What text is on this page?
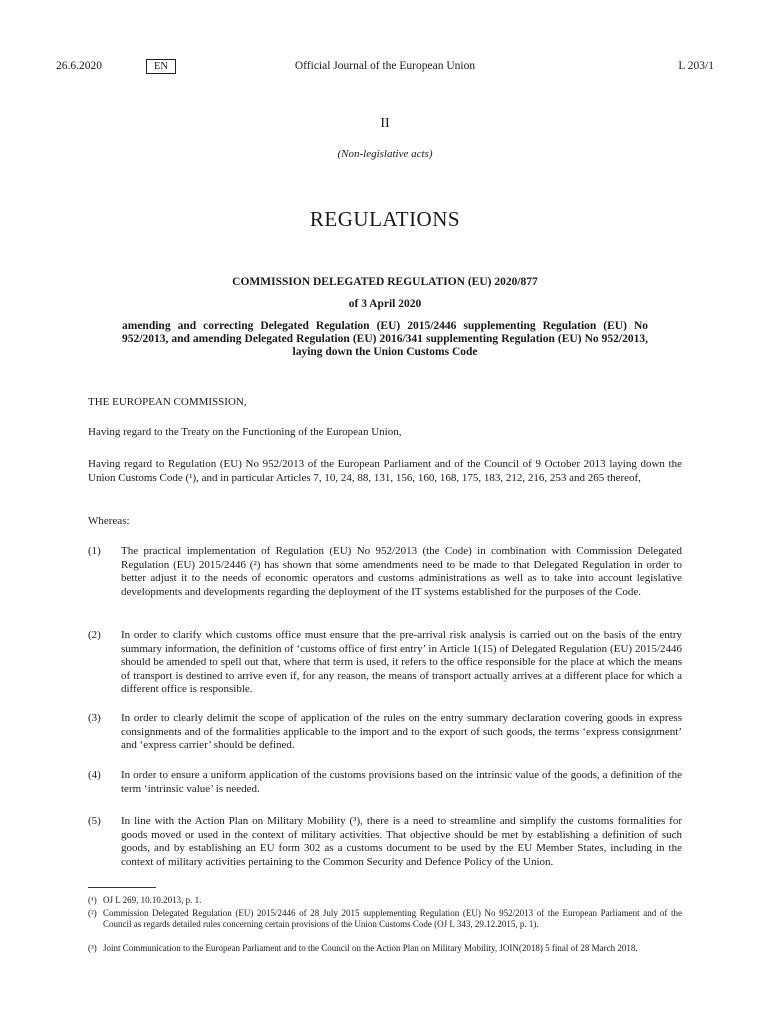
26.6.2020	EN	Official Journal of the European Union	L 203/1
II
(Non-legislative acts)
REGULATIONS
COMMISSION DELEGATED REGULATION (EU) 2020/877
of 3 April 2020
amending and correcting Delegated Regulation (EU) 2015/2446 supplementing Regulation (EU) No 952/2013, and amending Delegated Regulation (EU) 2016/341 supplementing Regulation (EU) No 952/2013, laying down the Union Customs Code
THE EUROPEAN COMMISSION,
Having regard to the Treaty on the Functioning of the European Union,
Having regard to Regulation (EU) No 952/2013 of the European Parliament and of the Council of 9 October 2013 laying down the Union Customs Code (¹), and in particular Articles 7, 10, 24, 88, 131, 156, 160, 168, 175, 183, 212, 216, 253 and 265 thereof,
Whereas:
(1)	The practical implementation of Regulation (EU) No 952/2013 (the Code) in combination with Commission Delegated Regulation (EU) 2015/2446 (²) has shown that some amendments need to be made to that Delegated Regulation in order to better adjust it to the needs of economic operators and customs administrations as well as to take into account legislative developments and developments regarding the deployment of the IT systems established for the purposes of the Code.
(2)	In order to clarify which customs office must ensure that the pre-arrival risk analysis is carried out on the basis of the entry summary information, the definition of ‘customs office of first entry’ in Article 1(15) of Delegated Regulation (EU) 2015/2446 should be amended to spell out that, where that term is used, it refers to the office responsible for the place at which the means of transport is destined to arrive even if, for any reason, the means of transport actually arrives at a different place for which a different office is responsible.
(3)	In order to clearly delimit the scope of application of the rules on the entry summary declaration covering goods in express consignments and of the formalities applicable to the import and to the export of such goods, the terms ‘express consignment’ and ‘express carrier’ should be defined.
(4)	In order to ensure a uniform application of the customs provisions based on the intrinsic value of the goods, a definition of the term ‘intrinsic value’ is needed.
(5)	In line with the Action Plan on Military Mobility (³), there is a need to streamline and simplify the customs formalities for goods moved or used in the context of military activities. That objective should be met by establishing a definition of such goods, and by establishing an EU form 302 as a customs document to be used by the EU Member States, including in the context of military activities pertaining to the Common Security and Defence Policy of the Union.
(¹) OJ L 269, 10.10.2013, p. 1.
(²) Commission Delegated Regulation (EU) 2015/2446 of 28 July 2015 supplementing Regulation (EU) No 952/2013 of the European Parliament and of the Council as regards detailed rules concerning certain provisions of the Union Customs Code (OJ L 343, 29.12.2015, p. 1).
(³) Joint Communication to the European Parliament and to the Council on the Action Plan on Military Mobility, JOIN(2018) 5 final of 28 March 2018.
